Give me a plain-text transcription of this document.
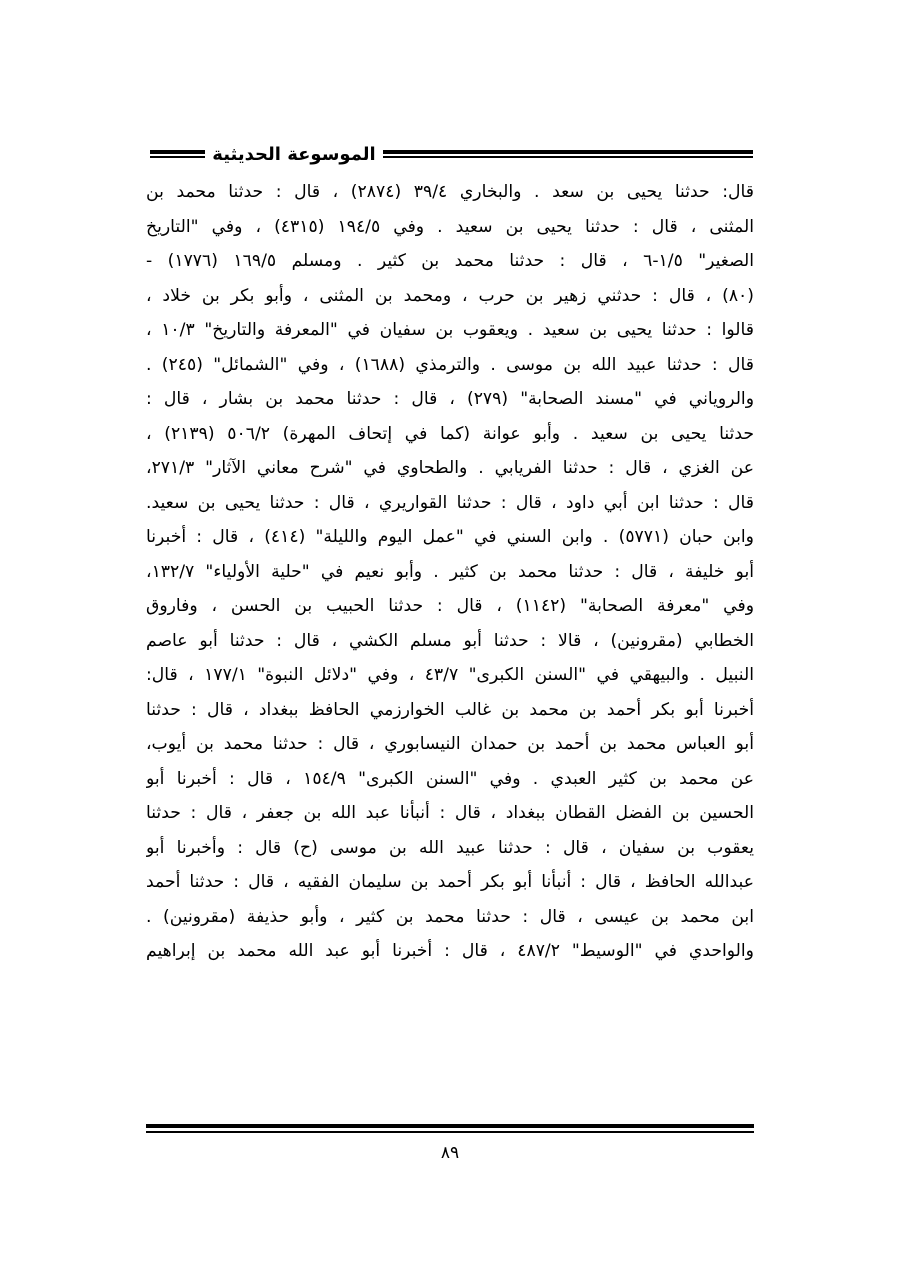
الموسوعة الحديثية
قال: حدثنا يحيى بن سعد . والبخاري ٣٩/٤ (٢٨٧٤) ، قال : حدثنا محمد بن
المثنى ، قال : حدثنا يحيى بن سعيد . وفي ١٩٤/٥ (٤٣١٥) ، وفي "التاريخ
الصغير" ١/٥-٦ ، قال : حدثنا محمد بن كثير . ومسلم ١٦٩/٥ (١٧٧٦) -
(٨٠) ، قال : حدثني زهير بن حرب ، ومحمد بن المثنى ، وأبو بكر بن خلاد ،
قالوا : حدثنا يحيى بن سعيد . ويعقوب بن سفيان في "المعرفة والتاريخ" ١٠/٣ ،
قال : حدثنا عبيد الله بن موسى . والترمذي (١٦٨٨) ، وفي "الشمائل" (٢٤٥) .
والروياني في "مسند الصحابة" (٢٧٩) ، قال : حدثنا محمد بن بشار ، قال :
حدثنا يحيى بن سعيد . وأبو عوانة (كما في إتحاف المهرة) ٥٠٦/٢ (٢١٣٩) ،
عن الغزي ، قال : حدثنا الفريابي . والطحاوي في "شرح معاني الآثار" ٢٧١/٣،
قال : حدثنا ابن أبي داود ، قال : حدثنا القواريري ، قال : حدثنا يحيى بن سعيد.
وابن حبان (٥٧٧١) . وابن السني في "عمل اليوم والليلة" (٤١٤) ، قال : أخبرنا
أبو خليفة ، قال : حدثنا محمد بن كثير . وأبو نعيم في "حلية الأولياء" ١٣٢/٧،
وفي "معرفة الصحابة" (١١٤٢) ، قال : حدثنا الحبيب بن الحسن ، وفاروق
الخطابي (مقرونين) ، قالا : حدثنا أبو مسلم الكشي ، قال : حدثنا أبو عاصم
النبيل . والبيهقي في "السنن الكبرى" ٤٣/٧ ، وفي "دلائل النبوة" ١٧٧/١ ، قال:
أخبرنا أبو بكر أحمد بن محمد بن غالب الخوارزمي الحافظ ببغداد ، قال : حدثنا
أبو العباس محمد بن أحمد بن حمدان النيسابوري ، قال : حدثنا محمد بن أيوب،
عن محمد بن كثير العبدي . وفي "السنن الكبرى" ١٥٤/٩ ، قال : أخبرنا أبو
الحسين بن الفضل القطان ببغداد ، قال : أنبأنا عبد الله بن جعفر ، قال : حدثنا
يعقوب بن سفيان ، قال : حدثنا عبيد الله بن موسى (ح) قال : وأخبرنا أبو
عبدالله الحافظ ، قال : أنبأنا أبو بكر أحمد بن سليمان الفقيه ، قال : حدثنا أحمد
ابن محمد بن عيسى ، قال : حدثنا محمد بن كثير ، وأبو حذيفة (مقرونين) .
والواحدي في "الوسيط" ٤٨٧/٢ ، قال : أخبرنا أبو عبد الله محمد بن إبراهيم
٨٩
